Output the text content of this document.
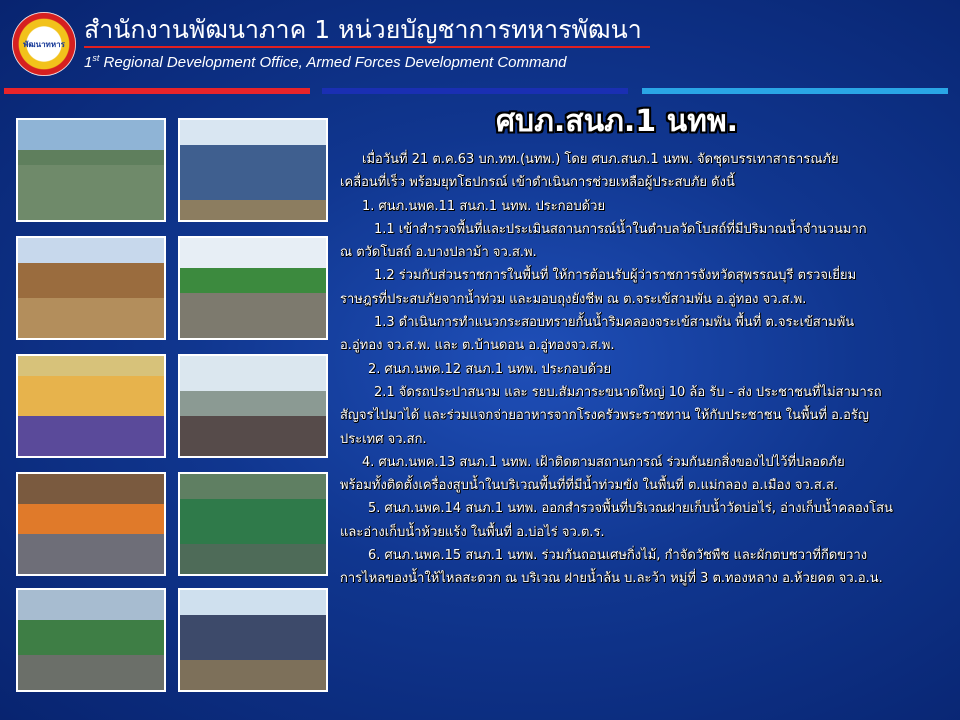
พัฒนาทหาร สำนักงานพัฒนาภาค 1 หน่วยบัญชาการทหารพัฒนา
1st Regional Development Office, Armed Forces Development Command
ศบภ.สนภ.1 นทพ.

เมื่อวันที่ 21 ต.ค.63 บก.ทท.(นทพ.) โดย ศบภ.สนภ.1 นทพ. จัดชุดบรรเทาสาธารณภัย

เคลื่อนที่เร็ว พร้อมยุทโธปกรณ์ เข้าดำเนินการช่วยเหลือผู้ประสบภัย ดังนี้

1. ศนภ.นพค.11 สนภ.1 นทพ. ประกอบด้วย

1.1 เข้าสำรวจพื้นที่และประเมินสถานการณ์น้ำในตำบลวัดโบสถ์ที่มีปริมาณน้ำจำนวนมาก

ณ ตวัดโบสถ์ อ.บางปลาม้า จว.ส.พ.

1.2 ร่วมกับส่วนราชการในพื้นที่ ให้การต้อนรับผู้ว่าราชการจังหวัดสุพรรณบุรี ตรวจเยี่ยม

ราษฎรที่ประสบภัยจากน้ำท่วม และมอบถุงยังชีพ ณ ต.จระเข้สามพัน อ.อู่ทอง จว.ส.พ.

1.3 ดำเนินการทำแนวกระสอบทรายกั้นน้ำริมคลองจระเข้สามพัน พื้นที่ ต.จระเข้สามพัน

อ.อู่ทอง จว.ส.พ. และ ต.บ้านดอน อ.อู่ทองจว.ส.พ.

2. ศนภ.นพค.12 สนภ.1 นทพ. ประกอบด้วย

2.1 จัดรถประปาสนาม และ รยบ.สัมภาระขนาดใหญ่ 10 ล้อ รับ - ส่ง ประชาชนที่ไม่สามารถ

สัญจรไปมาได้ และร่วมแจกจ่ายอาหารจากโรงครัวพระราชทาน ให้กับประชาชน ในพื้นที่ อ.อรัญ

ประเทศ จว.สก.

4. ศนภ.นพค.13 สนภ.1 นทพ. เฝ้าติดตามสถานการณ์ ร่วมกันยกสิ่งของไปไว้ที่ปลอดภัย

พร้อมทั้งติดตั้งเครื่องสูบน้ำในบริเวณพื้นที่ที่มีน้ำท่วมขัง ในพื้นที่ ต.แม่กลอง อ.เมือง จว.ส.ส.

5. ศนภ.นพค.14 สนภ.1 นทพ. ออกสำรวจพื้นที่บริเวณฝายเก็บน้ำวัดบ่อไร่, อ่างเก็บน้ำคลองโสน

และอ่างเก็บน้ำห้วยแร้ง ในพื้นที่ อ.บ่อไร่ จว.ต.ร.

6. ศนภ.นพค.15 สนภ.1 นทพ. ร่วมกันถอนเศษกิ่งไม้, กำจัดวัชพืช และผักตบชวาที่กีดขวาง

การไหลของน้ำให้ไหลสะดวก ณ บริเวณ ฝายน้ำล้น บ.ละว้า หมู่ที่ 3 ต.ทองหลาง อ.ห้วยคต จว.อ.น.
